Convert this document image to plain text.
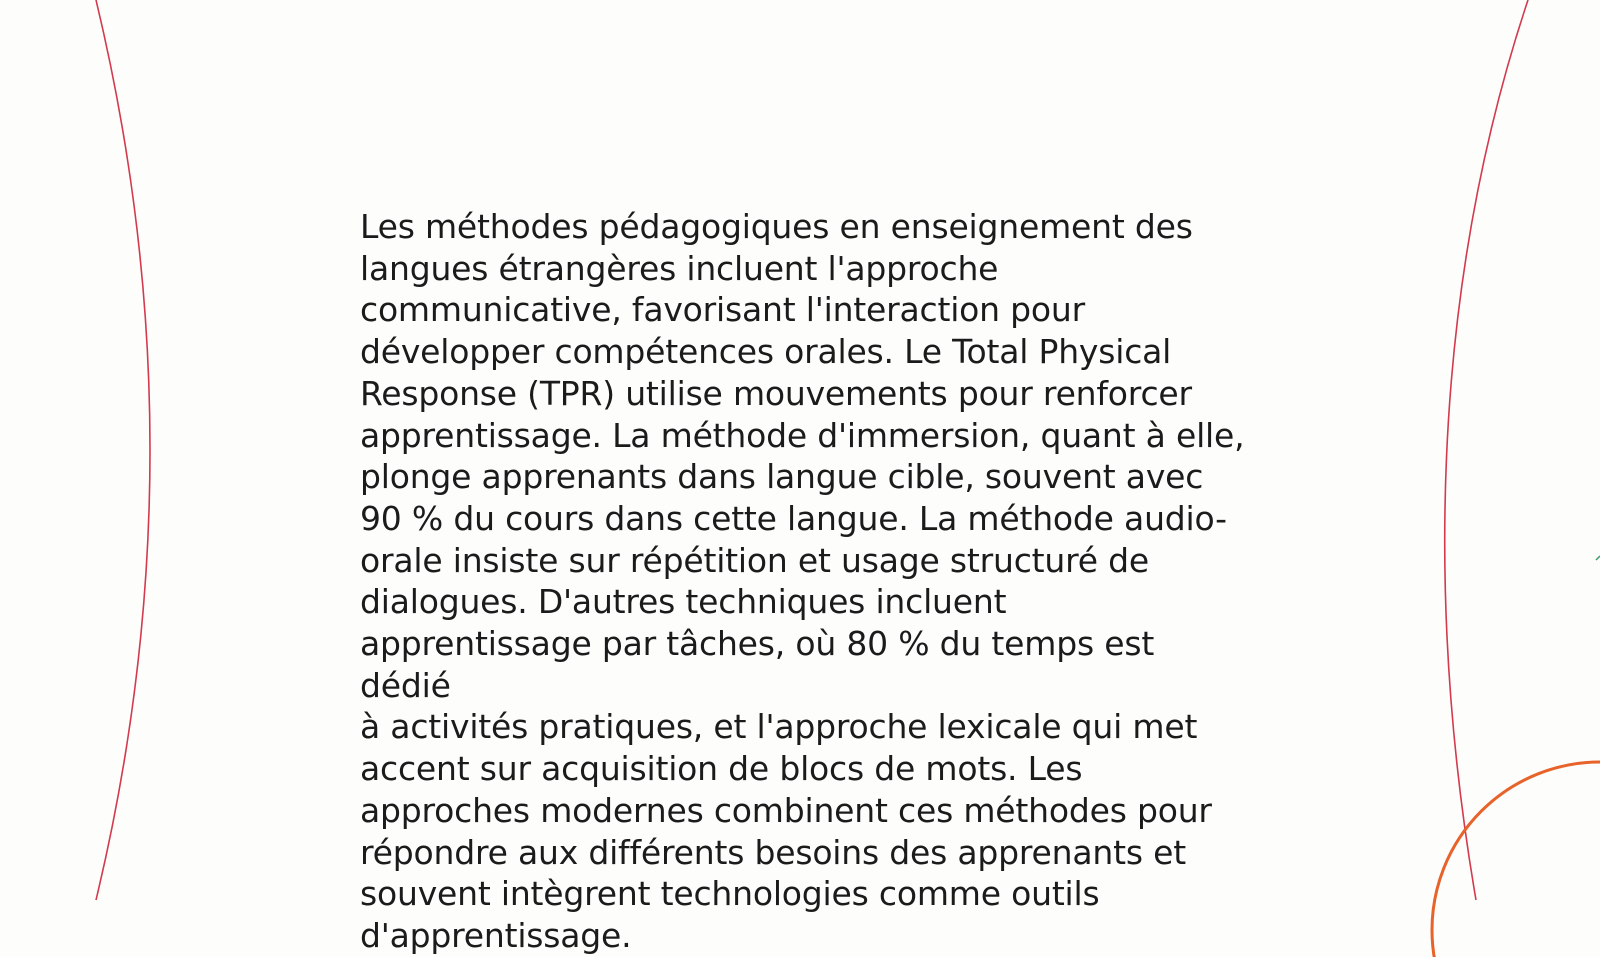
Les méthodes pédagogiques en enseignement des
langues étrangères incluent l'approche
communicative, favorisant l'interaction pour
développer compétences orales. Le Total Physical
Response (TPR) utilise mouvements pour renforcer
apprentissage. La méthode d'immersion, quant à elle,
plonge apprenants dans langue cible, souvent avec
90 % du cours dans cette langue. La méthode audio-
orale insiste sur répétition et usage structuré de
dialogues. D'autres techniques incluent
apprentissage par tâches, où 80 % du temps est dédié
à activités pratiques, et l'approche lexicale qui met
accent sur acquisition de blocs de mots. Les
approches modernes combinent ces méthodes pour
répondre aux différents besoins des apprenants et
souvent intègrent technologies comme outils
d'apprentissage.
